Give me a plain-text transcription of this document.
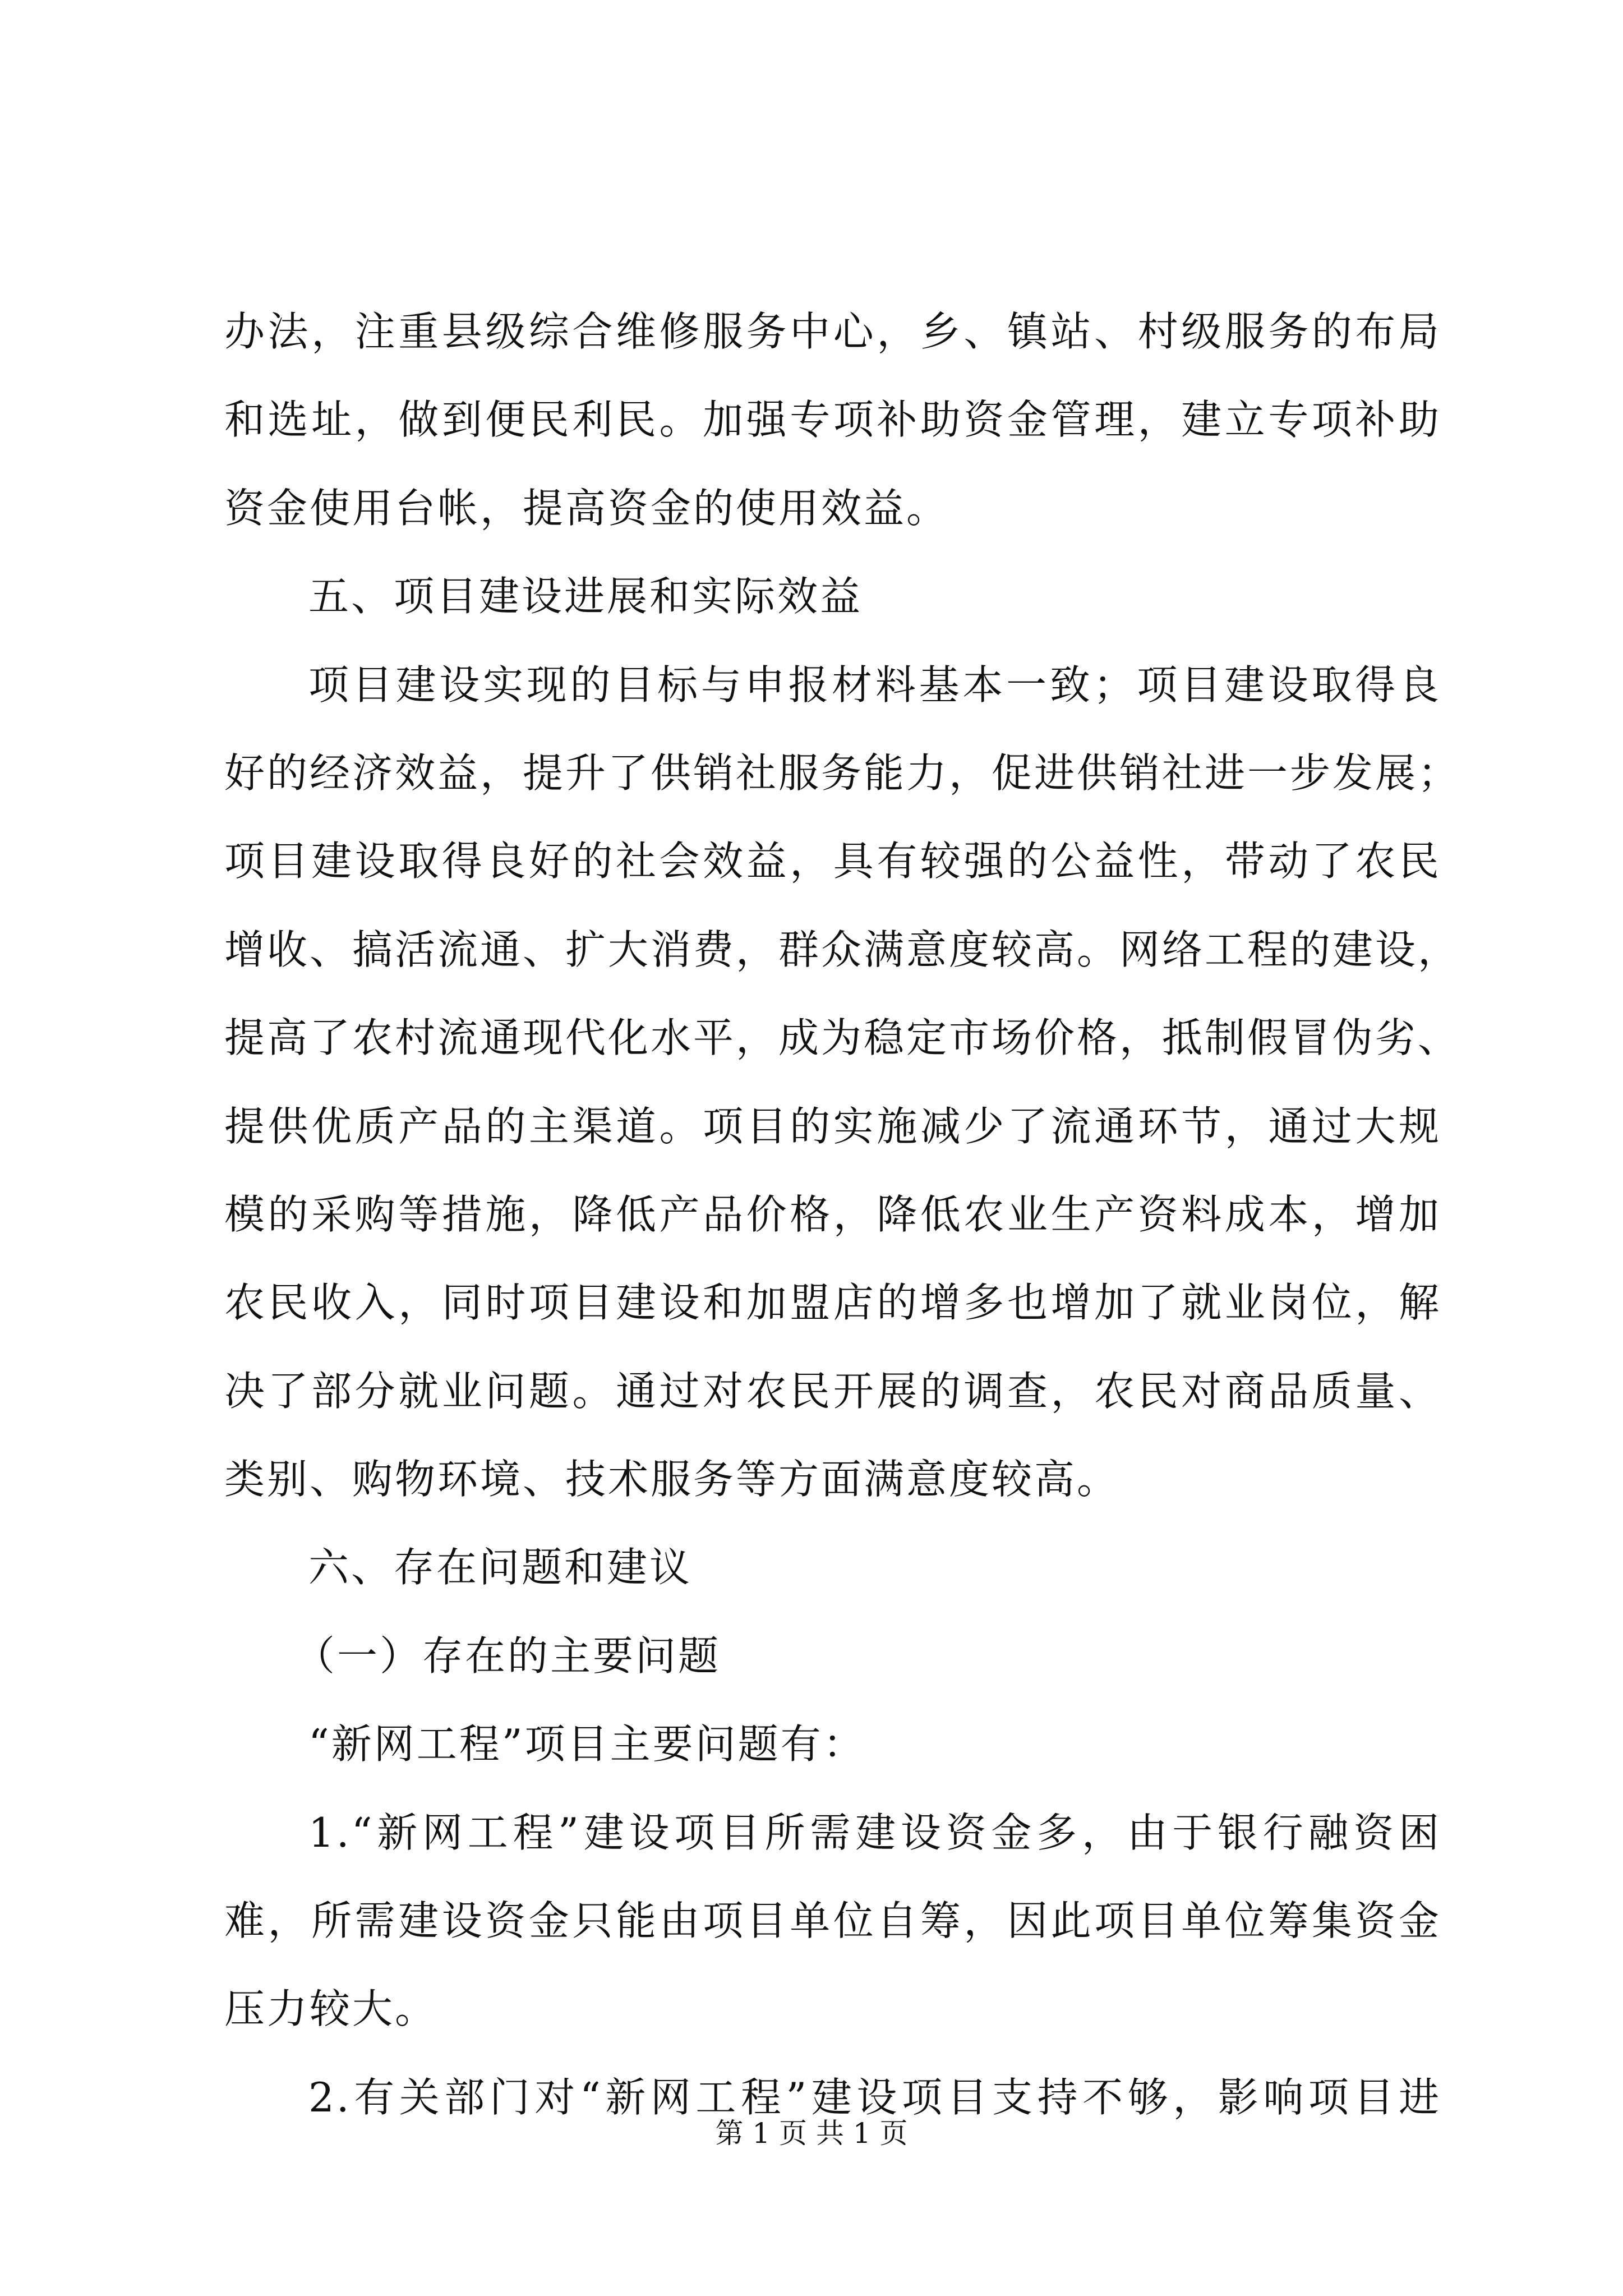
办法，注重县级综合维修服务中心，乡、镇站、村级服务的布局
和选址，做到便民利民。加强专项补助资金管理，建立专项补助
资金使用台帐，提高资金的使用效益。
五、项目建设进展和实际效益
项目建设实现的目标与申报材料基本一致；项目建设取得良
好的经济效益，提升了供销社服务能力，促进供销社进一步发展；
项目建设取得良好的社会效益，具有较强的公益性，带动了农民
增收、搞活流通、扩大消费，群众满意度较高。网络工程的建设，
提高了农村流通现代化水平，成为稳定市场价格，抵制假冒伪劣、
提供优质产品的主渠道。项目的实施减少了流通环节，通过大规
模的采购等措施，降低产品价格，降低农业生产资料成本，增加
农民收入，同时项目建设和加盟店的增多也增加了就业岗位，解
决了部分就业问题。通过对农民开展的调查，农民对商品质量、
类别、购物环境、技术服务等方面满意度较高。
六、存在问题和建议
（一）存在的主要问题
“新网工程”项目主要问题有：
1.“新网工程”建设项目所需建设资金多，由于银行融资困
难，所需建设资金只能由项目单位自筹，因此项目单位筹集资金
压力较大。
2.有关部门对“新网工程”建设项目支持不够，影响项目进
第 1 页 共 1 页
